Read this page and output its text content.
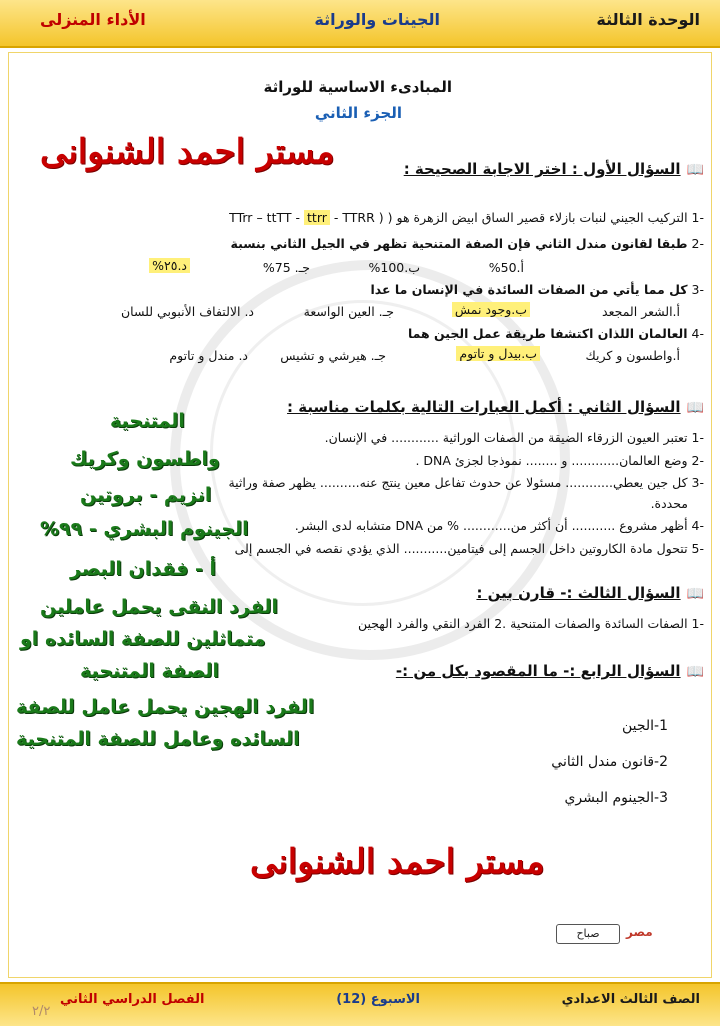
الوحدة الثالثة
الجينات والوراثة
الأداء المنزلى
المبادىء الاساسية للوراثة
الجزء الثاني
مستر احمد الشنوانى	📖السؤال الأول : اختر الاجابة الصحيحة :
-1 التركيب الجيني لنبات بازلاء قصير الساق ابيض الزهرة هو ( TTrr – ttTT - ttrr - TTRR )
-2 طبقا لقانون مندل الثاني فإن الصفة المتنحية تظهر في الجيل الثاني بنسبة
أ.50%
ب.100%
جـ. 75%
د.٢٥%
-3 كل مما يأتي من الصفات السائدة في الإنسان ما عدا
أ.الشعر المجعد
ب.وجود نمش
جـ. العين الواسعة
د. الالتفاف الأنبوبي للسان
-4 العالمان اللذان اكتشفا طريقة عمل الجين هما
أ.واطسون و كريك
ب.بيدل و تاتوم
جـ. هيرشي و تشيس
د. مندل و تاتوم
📖السؤال الثاني : أكمل العبارات التالية بكلمات مناسبة :
-1 تعتبر العيون الزرقاء الضيقة من الصفات الوراثية ............ في الإنسان.
-2 وضع العالمان............ و ........ نموذجا لجزئ DNA .
-3 كل جين يعطي............ مسئولا عن حدوث تفاعل معين ينتج عنه.......... يظهر صفة وراثية
محددة.
-4 أظهر مشروع ........... أن أكثر من............ % من DNA متشابه لدى البشر.
-5 تتحول مادة الكاروتين داخل الجسم إلى فيتامين........... الذي يؤدي نقصه في الجسم إلى
📖السؤال الثالث :- قارن بين :
-1 الصفات السائدة والصفات المتنحية .2 الفرد النقي والفرد الهجين
📖السؤال الرابع :- ما المقصود بكل من :-
1-الجين
2-قانون مندل الثاني
3-الجينوم البشري
المتنحية
واطسون وكريك
انزيم - بروتين
الجينوم البشري - ٩٩%
أ - فقدان البصر
الفرد النقى يحمل عاملين
متماثلين للصفة السائده او
الصفة المتنحية
الفرد الهجين يحمل عامل للصفة
السائده وعامل للصفة المتنحية
مستر احمد الشنوانى
صباح	مصر
الصف الثالث الاعدادي
الاسبوع (12)
الفصل الدراسي الثاني
٢/٢
